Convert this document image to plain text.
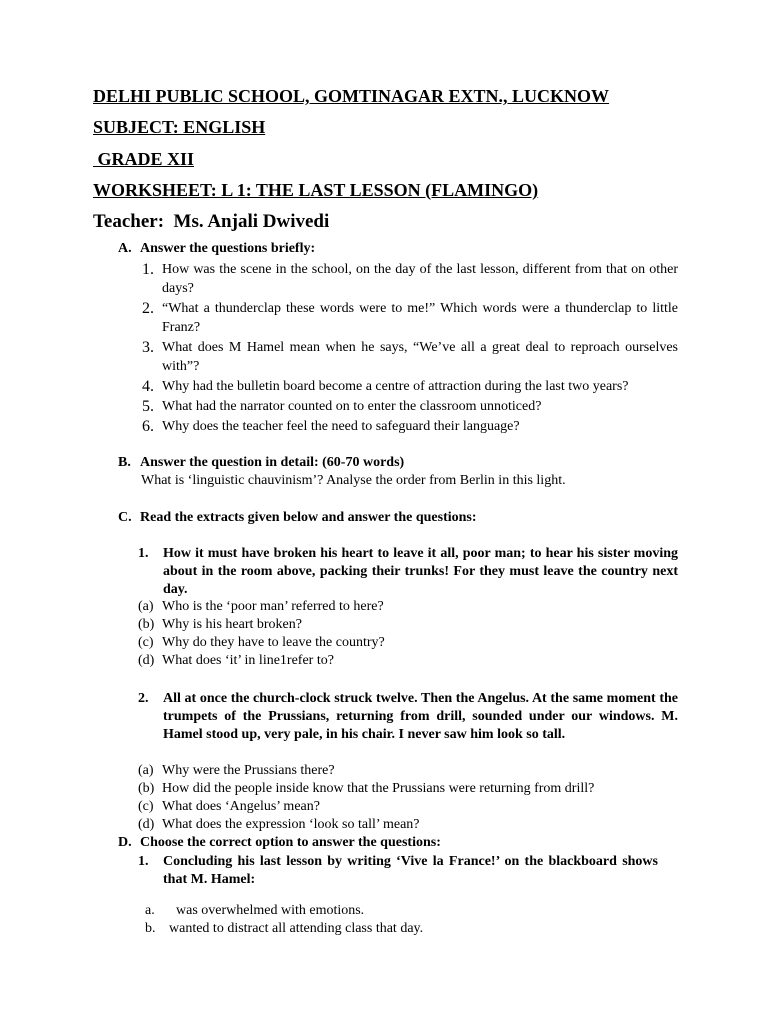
DELHI PUBLIC SCHOOL, GOMTINAGAR EXTN., LUCKNOW
SUBJECT: ENGLISH
GRADE XII
WORKSHEET: L 1: THE LAST LESSON (FLAMINGO)
Teacher:  Ms. Anjali Dwivedi
A. Answer the questions briefly:
1. How was the scene in the school, on the day of the last lesson, different from that on other days?
2. “What a thunderclap these words were to me!” Which words were a thunderclap to little Franz?
3. What does M Hamel mean when he says, “We’ve all a great deal to reproach ourselves with”?
4. Why had the bulletin board become a centre of attraction during the last two years?
5. What had the narrator counted on to enter the classroom unnoticed?
6. Why does the teacher feel the need to safeguard their language?
B. Answer the question in detail: (60-70 words)
What is ‘linguistic chauvinism’? Analyse the order from Berlin in this light.
C. Read the extracts given below and answer the questions:
1. How it must have broken his heart to leave it all, poor man; to hear his sister moving about in the room above, packing their trunks! For they must leave the country next day.
(a) Who is the ‘poor man’ referred to here?
(b) Why is his heart broken?
(c) Why do they have to leave the country?
(d) What does ‘it’ in line1refer to?
2. All at once the church-clock struck twelve. Then the Angelus. At the same moment the trumpets of the Prussians, returning from drill, sounded under our windows. M. Hamel stood up, very pale, in his chair. I never saw him look so tall.
(a) Why were the Prussians there?
(b) How did the people inside know that the Prussians were returning from drill?
(c) What does ‘Angelus’ mean?
(d) What does the expression ‘look so tall’ mean?
D. Choose the correct option to answer the questions:
1. Concluding his last lesson by writing ‘Vive la France!’ on the blackboard shows that M. Hamel:
a.	was overwhelmed with emotions.
b. wanted to distract all attending class that day.
